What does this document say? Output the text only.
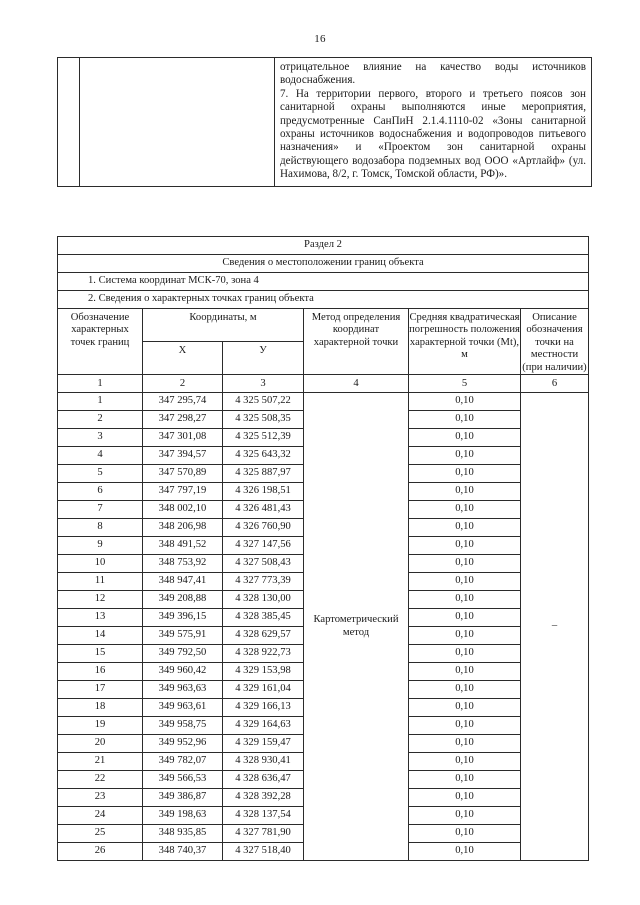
16

отрицательное влияние на качество воды источников водоснабжения.

7. На территории первого, второго и третьего поясов зон санитарной охраны выполняются иные мероприятия, предусмотренные СанПиН 2.1.4.1110-02 «Зоны санитарной охраны источников водоснабжения и водопроводов питьевого назначения» и «Проектом зон санитарной охраны действующего водозабора подземных вод ООО «Артлайф» (ул. Нахимова, 8/2, г. Томск, Томской области, РФ)».

Раздел 2					
Сведения о местоположении границ объекта					
1. Система координат МСК-70, зона 4					
2. Сведения о характерных точках границ объекта					
Обозначение характерных точек границ	Координаты, м		Метод определения координат характерной точки	Средняя квадратическая погрешность положения характерной точки (Мt), м	Описание обозначения точки на местности (при наличии)
	X	У			
1	2	3	4	5	6
1	347 295,74	4 325 507,22	Картометрический метод	0,10	–
2	347 298,27	4 325 508,35		0,10	
3	347 301,08	4 325 512,39		0,10	
4	347 394,57	4 325 643,32		0,10	
5	347 570,89	4 325 887,97		0,10	
6	347 797,19	4 326 198,51		0,10	
7	348 002,10	4 326 481,43		0,10	
8	348 206,98	4 326 760,90		0,10	
9	348 491,52	4 327 147,56		0,10	
10	348 753,92	4 327 508,43		0,10	
11	348 947,41	4 327 773,39		0,10	
12	349 208,88	4 328 130,00		0,10	
13	349 396,15	4 328 385,45		0,10	
14	349 575,91	4 328 629,57		0,10	
15	349 792,50	4 328 922,73		0,10	
16	349 960,42	4 329 153,98		0,10	
17	349 963,63	4 329 161,04		0,10	
18	349 963,61	4 329 166,13		0,10	
19	349 958,75	4 329 164,63		0,10	
20	349 952,96	4 329 159,47		0,10	
21	349 782,07	4 328 930,41		0,10	
22	349 566,53	4 328 636,47		0,10	
23	349 386,87	4 328 392,28		0,10	
24	349 198,63	4 328 137,54		0,10	
25	348 935,85	4 327 781,90		0,10	
26	348 740,37	4 327 518,40		0,10	
